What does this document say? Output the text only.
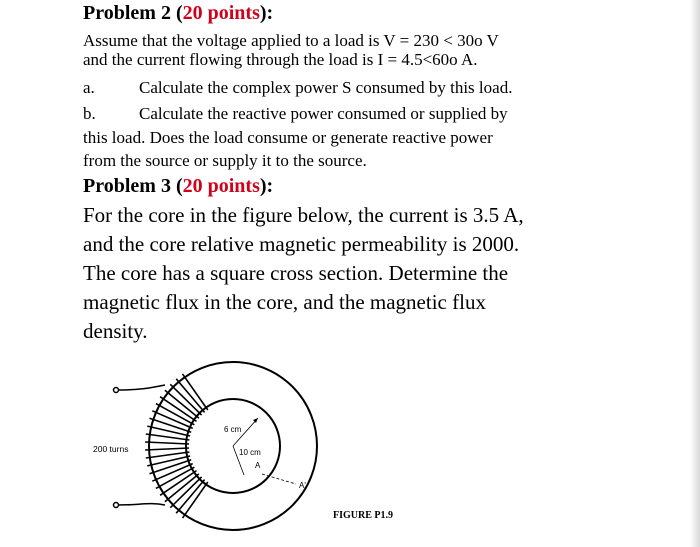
Problem 2 (20 points):
Assume that the voltage applied to a load is V = 230 < 30o V
and the current flowing through the load is I = 4.5<60o A.
a.	Calculate the complex power S consumed by this load.
b.	Calculate the reactive power consumed or supplied by
this load. Does the load consume or generate reactive power
from the source or supply it to the source.
Problem 3 (20 points):
For the core in the figure below, the current is 3.5 A,
and the core relative magnetic permeability is 2000.
The core has a square cross section. Determine the
magnetic flux in the core, and the magnetic flux
density.
6 cm
10 cm
A
A'
200 turns
FIGURE P1.9
